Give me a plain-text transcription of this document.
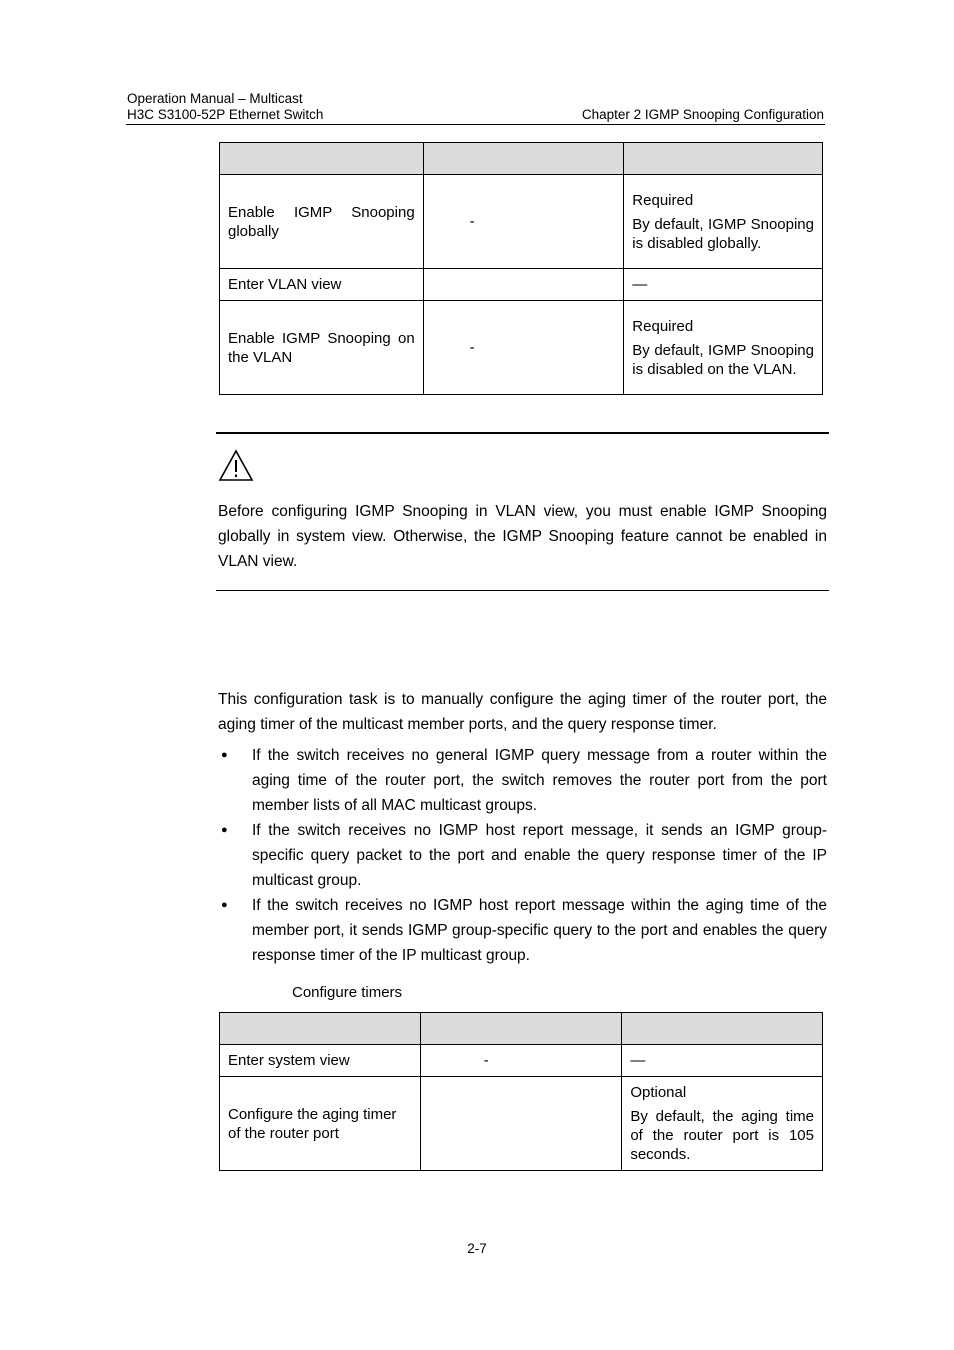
Operation Manual – Multicast
H3C S3100-52P Ethernet Switch	Chapter 2 IGMP Snooping Configuration

Enable IGMP Snooping globally	-	Required

By default, IGMP Snooping is disabled globally.

Enter VLAN view		—

Enable IGMP Snooping on the VLAN	-	Required

By default, IGMP Snooping is disabled on the VLAN.

Before configuring IGMP Snooping in VLAN view, you must enable IGMP Snooping globally in system view. Otherwise, the IGMP Snooping feature cannot be enabled in VLAN view.

This configuration task is to manually configure the aging timer of the router port, the aging timer of the multicast member ports, and the query response timer.

● If the switch receives no general IGMP query message from a router within the aging time of the router port, the switch removes the router port from the port member lists of all MAC multicast groups.
● If the switch receives no IGMP host report message, it sends an IGMP group-specific query packet to the port and enable the query response timer of the IP multicast group.
● If the switch receives no IGMP host report message within the aging time of the member port, it sends IGMP group-specific query to the port and enables the query response timer of the IP multicast group.
Configure timers

Enter system view	-	—

Configure the aging timer of the router port		Optional

By default, the aging time of the router port is 105 seconds.

2-7
